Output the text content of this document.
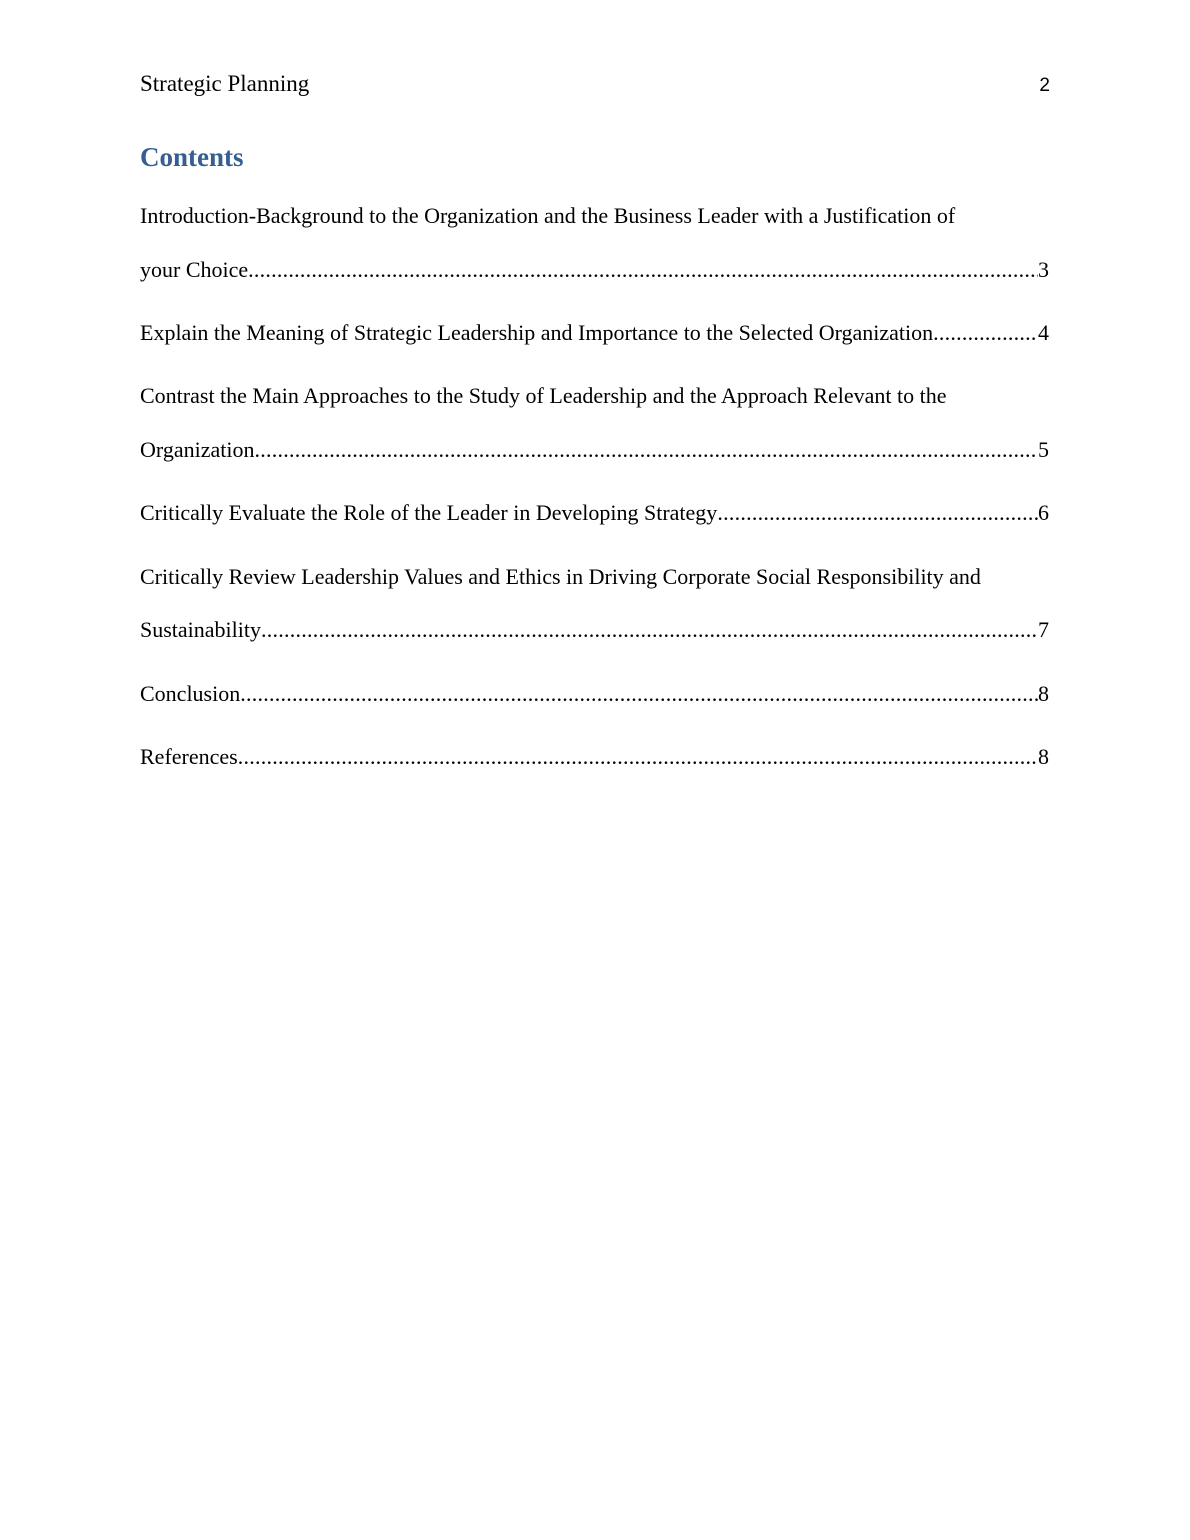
Strategic Planning	2
Contents
Introduction-Background to the Organization and the Business Leader with a Justification of
your Choice .....	3
Explain the Meaning of Strategic Leadership and Importance to the Selected Organization .....	4
Contrast the Main Approaches to the Study of Leadership and the Approach Relevant to the
Organization .....	5
Critically Evaluate the Role of the Leader in Developing Strategy .....	6
Critically Review Leadership Values and Ethics in Driving Corporate Social Responsibility and
Sustainability .....	7
Conclusion .....	8
References .....	8
